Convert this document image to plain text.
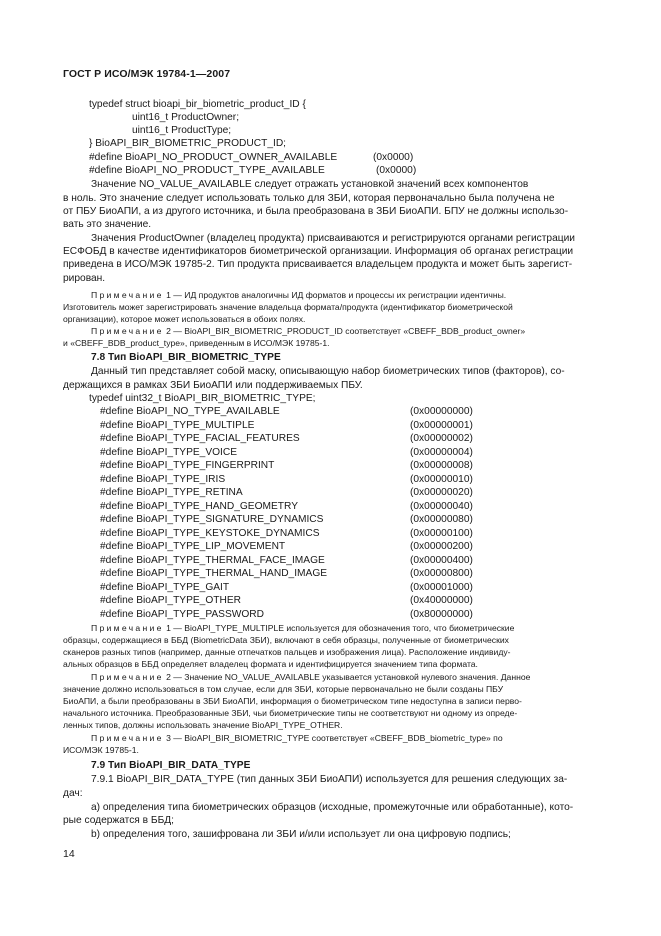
ГОСТ Р ИСО/МЭК 19784-1—2007
typedef struct bioapi_bir_biometric_product_ID {
uint16_t ProductOwner;
uint16_t ProductType;
} BioAPI_BIR_BIOMETRIC_PRODUCT_ID;
#define BioAPI_NO_PRODUCT_OWNER_AVAILABLE	(0x0000)
#define BioAPI_NO_PRODUCT_TYPE_AVAILABLE	(0x0000)
Значение NO_VALUE_AVAILABLE следует отражать установкой значений всех компонентов
в ноль. Это значение следует использовать только для ЗБИ, которая первоначально была получена не
от ПБУ БиоАПИ, а из другого источника, и была преобразована в ЗБИ БиоАПИ. БПУ не должны использо-
вать это значение.
Значения ProductOwner (владелец продукта) присваиваются и регистрируются органами регистрации
ЕСФОБД в качестве идентификаторов биометрической организации. Информация об органах регистрации
приведена в ИСО/МЭК 19785-2. Тип продукта присваивается владельцем продукта и может быть зарегист-
рирован.
Примечание 1 — ИД продуктов аналогичны ИД форматов и процессы их регистрации идентичны.
Изготовитель может зарегистрировать значение владельца формата/продукта (идентификатор биометрической
организации), которое может использоваться в обоих полях.
Примечание 2 — BioAPI_BIR_BIOMETRIC_PRODUCT_ID соответствует «CBEFF_BDB_product_owner»
и «CBEFF_BDB_product_type», приведенным в ИСО/МЭК 19785-1.
7.8 Тип BioAPI_BIR_BIOMETRIC_TYPE
Данный тип представляет собой маску, описывающую набор биометрических типов (факторов), со-
держащихся в рамках ЗБИ БиоАПИ или поддерживаемых ПБУ.
typedef uint32_t BioAPI_BIR_BIOMETRIC_TYPE;
#define BioAPI_NO_TYPE_AVAILABLE	(0x00000000)
#define BioAPI_TYPE_MULTIPLE	(0x00000001)
#define BioAPI_TYPE_FACIAL_FEATURES	(0x00000002)
#define BioAPI_TYPE_VOICE	(0x00000004)
#define BioAPI_TYPE_FINGERPRINT	(0x00000008)
#define BioAPI_TYPE_IRIS	(0x00000010)
#define BioAPI_TYPE_RETINA	(0x00000020)
#define BioAPI_TYPE_HAND_GEOMETRY	(0x00000040)
#define BioAPI_TYPE_SIGNATURE_DYNAMICS	(0x00000080)
#define BioAPI_TYPE_KEYSTOKE_DYNAMICS	(0x00000100)
#define BioAPI_TYPE_LIP_MOVEMENT	(0x00000200)
#define BioAPI_TYPE_THERMAL_FACE_IMAGE	(0x00000400)
#define BioAPI_TYPE_THERMAL_HAND_IMAGE	(0x00000800)
#define BioAPI_TYPE_GAIT	(0x00001000)
#define BioAPI_TYPE_OTHER	(0x40000000)
#define BioAPI_TYPE_PASSWORD	(0x80000000)
Примечание 1 — BioAPI_TYPE_MULTIPLE используется для обозначения того, что биометрические
образцы, содержащиеся в ББД (BiometricData ЗБИ), включают в себя образцы, полученные от биометрических
сканеров разных типов (например, данные отпечатков пальцев и изображения лица). Расположение индивиду-
альных образцов в ББД определяет владелец формата и идентифицируется значением типа формата.
Примечание 2 — Значение NO_VALUE_AVAILABLE указывается установкой нулевого значения. Данное
значение должно использоваться в том случае, если для ЗБИ, которые первоначально не были созданы ПБУ
БиоАПИ, а были преобразованы в ЗБИ БиоАПИ, информация о биометрическом типе недоступна в записи перво-
начального источника. Преобразованные ЗБИ, чьи биометрические типы не соответствуют ни одному из опреде-
ленных типов, должны использовать значение BioAPI_TYPE_OTHER.
Примечание 3 — BioAPI_BIR_BIOMETRIC_TYPE соответствует «CBEFF_BDB_biometric_type» по
ИСО/МЭК 19785-1.
7.9 Тип BioAPI_BIR_DATA_TYPE
7.9.1 BioAPI_BIR_DATA_TYPE (тип данных ЗБИ БиоАПИ) используется для решения следующих за-
дач:
а) определения типа биометрических образцов (исходные, промежуточные или обработанные), кото-
рые содержатся в ББД;
b) определения того, зашифрована ли ЗБИ и/или использует ли она цифровую подпись;
14
